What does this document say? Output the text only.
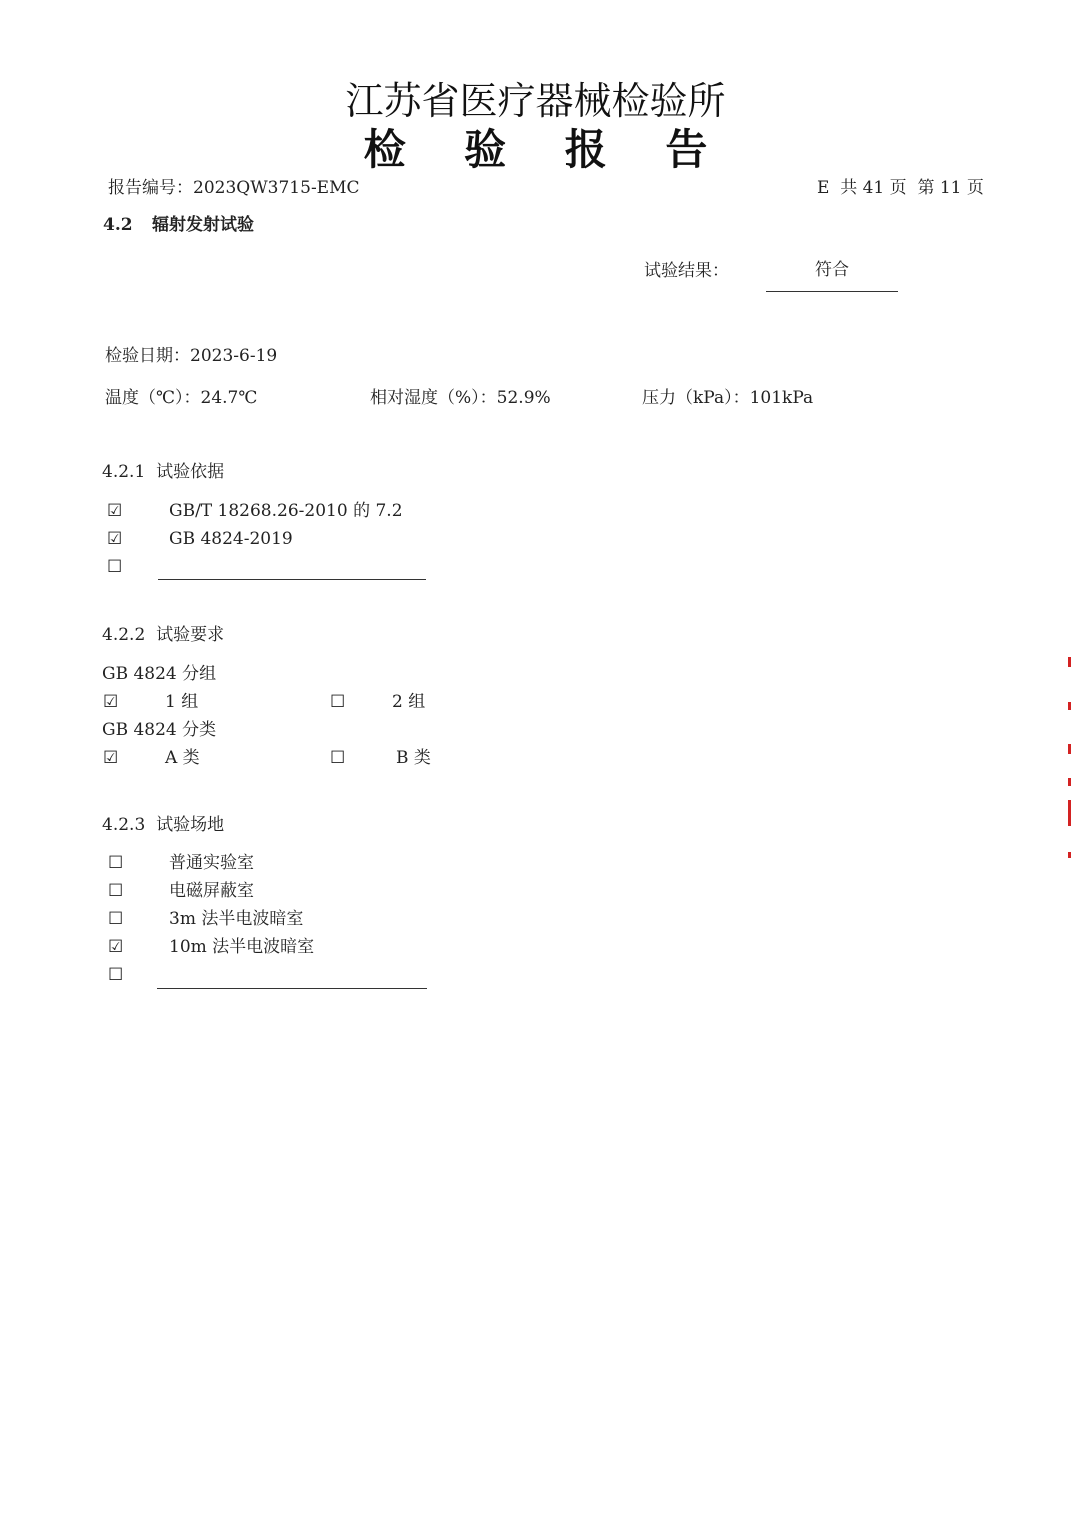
江苏省医疗器械检验所
检 验 报 告
报告编号：2023QW3715-EMC	E  共 41 页  第 11 页
4.2 辐射发射试验
试验结果：	符合
检验日期：2023-6-19
温度（℃）：24.7℃	相对湿度（%）：52.9%	压力（kPa）：101kPa
4.2.1  试验依据
☑	GB/T 18268.26-2010 的 7.2
☑	GB 4824-2019
☐
4.2.2  试验要求
GB 4824 分组
☑	1 组	☐	2 组
GB 4824 分类
☑	A 类	☐	B 类
4.2.3  试验场地
☐	普通实验室
☐	电磁屏蔽室
☐	3m 法半电波暗室
☑	10m 法半电波暗室
☐
